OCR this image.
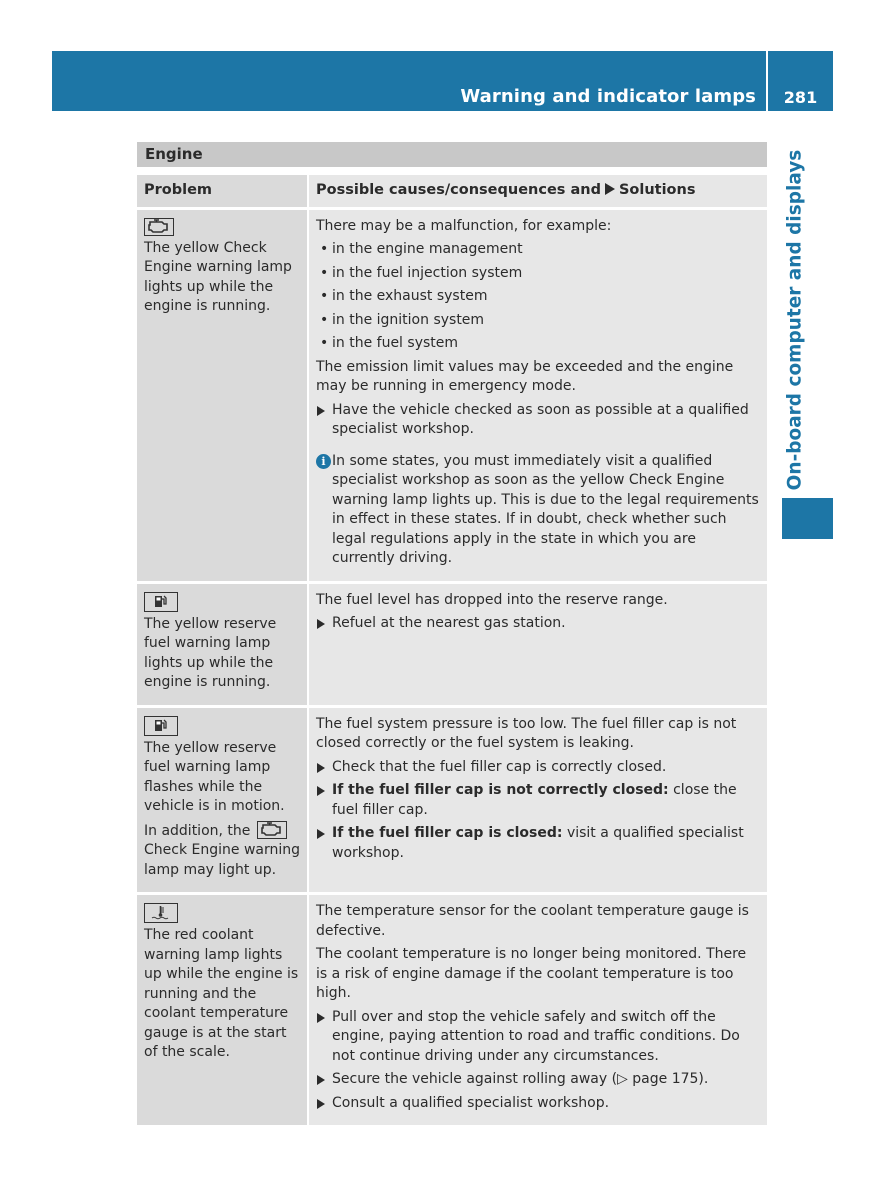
Warning and indicator lamps	281
On-board computer and displays
Engine
Problem	Possible causes/consequences and Solutions
The yellow Check Engine warning lamp lights up while the engine is running.
There may be a malfunction, for example:
• in the engine management
• in the fuel injection system
• in the exhaust system
• in the ignition system
• in the fuel system
The emission limit values may be exceeded and the engine may be running in emergency mode.
Have the vehicle checked as soon as possible at a qualified specialist workshop.
i In some states, you must immediately visit a qualified specialist workshop as soon as the yellow Check Engine warning lamp lights up. This is due to the legal requirements in effect in these states. If in doubt, check whether such legal regulations apply in the state in which you are currently driving.
The yellow reserve fuel warning lamp lights up while the engine is running.
The fuel level has dropped into the reserve range.
Refuel at the nearest gas station.
The yellow reserve fuel warning lamp flashes while the vehicle is in motion.
In addition, the
Check Engine warning lamp may light up.
The fuel system pressure is too low. The fuel filler cap is not closed correctly or the fuel system is leaking.
Check that the fuel filler cap is correctly closed.
If the fuel filler cap is not correctly closed: close the fuel filler cap.
If the fuel filler cap is closed: visit a qualified specialist workshop.
The red coolant warning lamp lights up while the engine is running and the coolant temperature gauge is at the start of the scale.
The temperature sensor for the coolant temperature gauge is defective.
The coolant temperature is no longer being monitored. There is a risk of engine damage if the coolant temperature is too high.
Pull over and stop the vehicle safely and switch off the engine, paying attention to road and traffic conditions. Do not continue driving under any circumstances.
Secure the vehicle against rolling away (▷ page 175).
Consult a qualified specialist workshop.
